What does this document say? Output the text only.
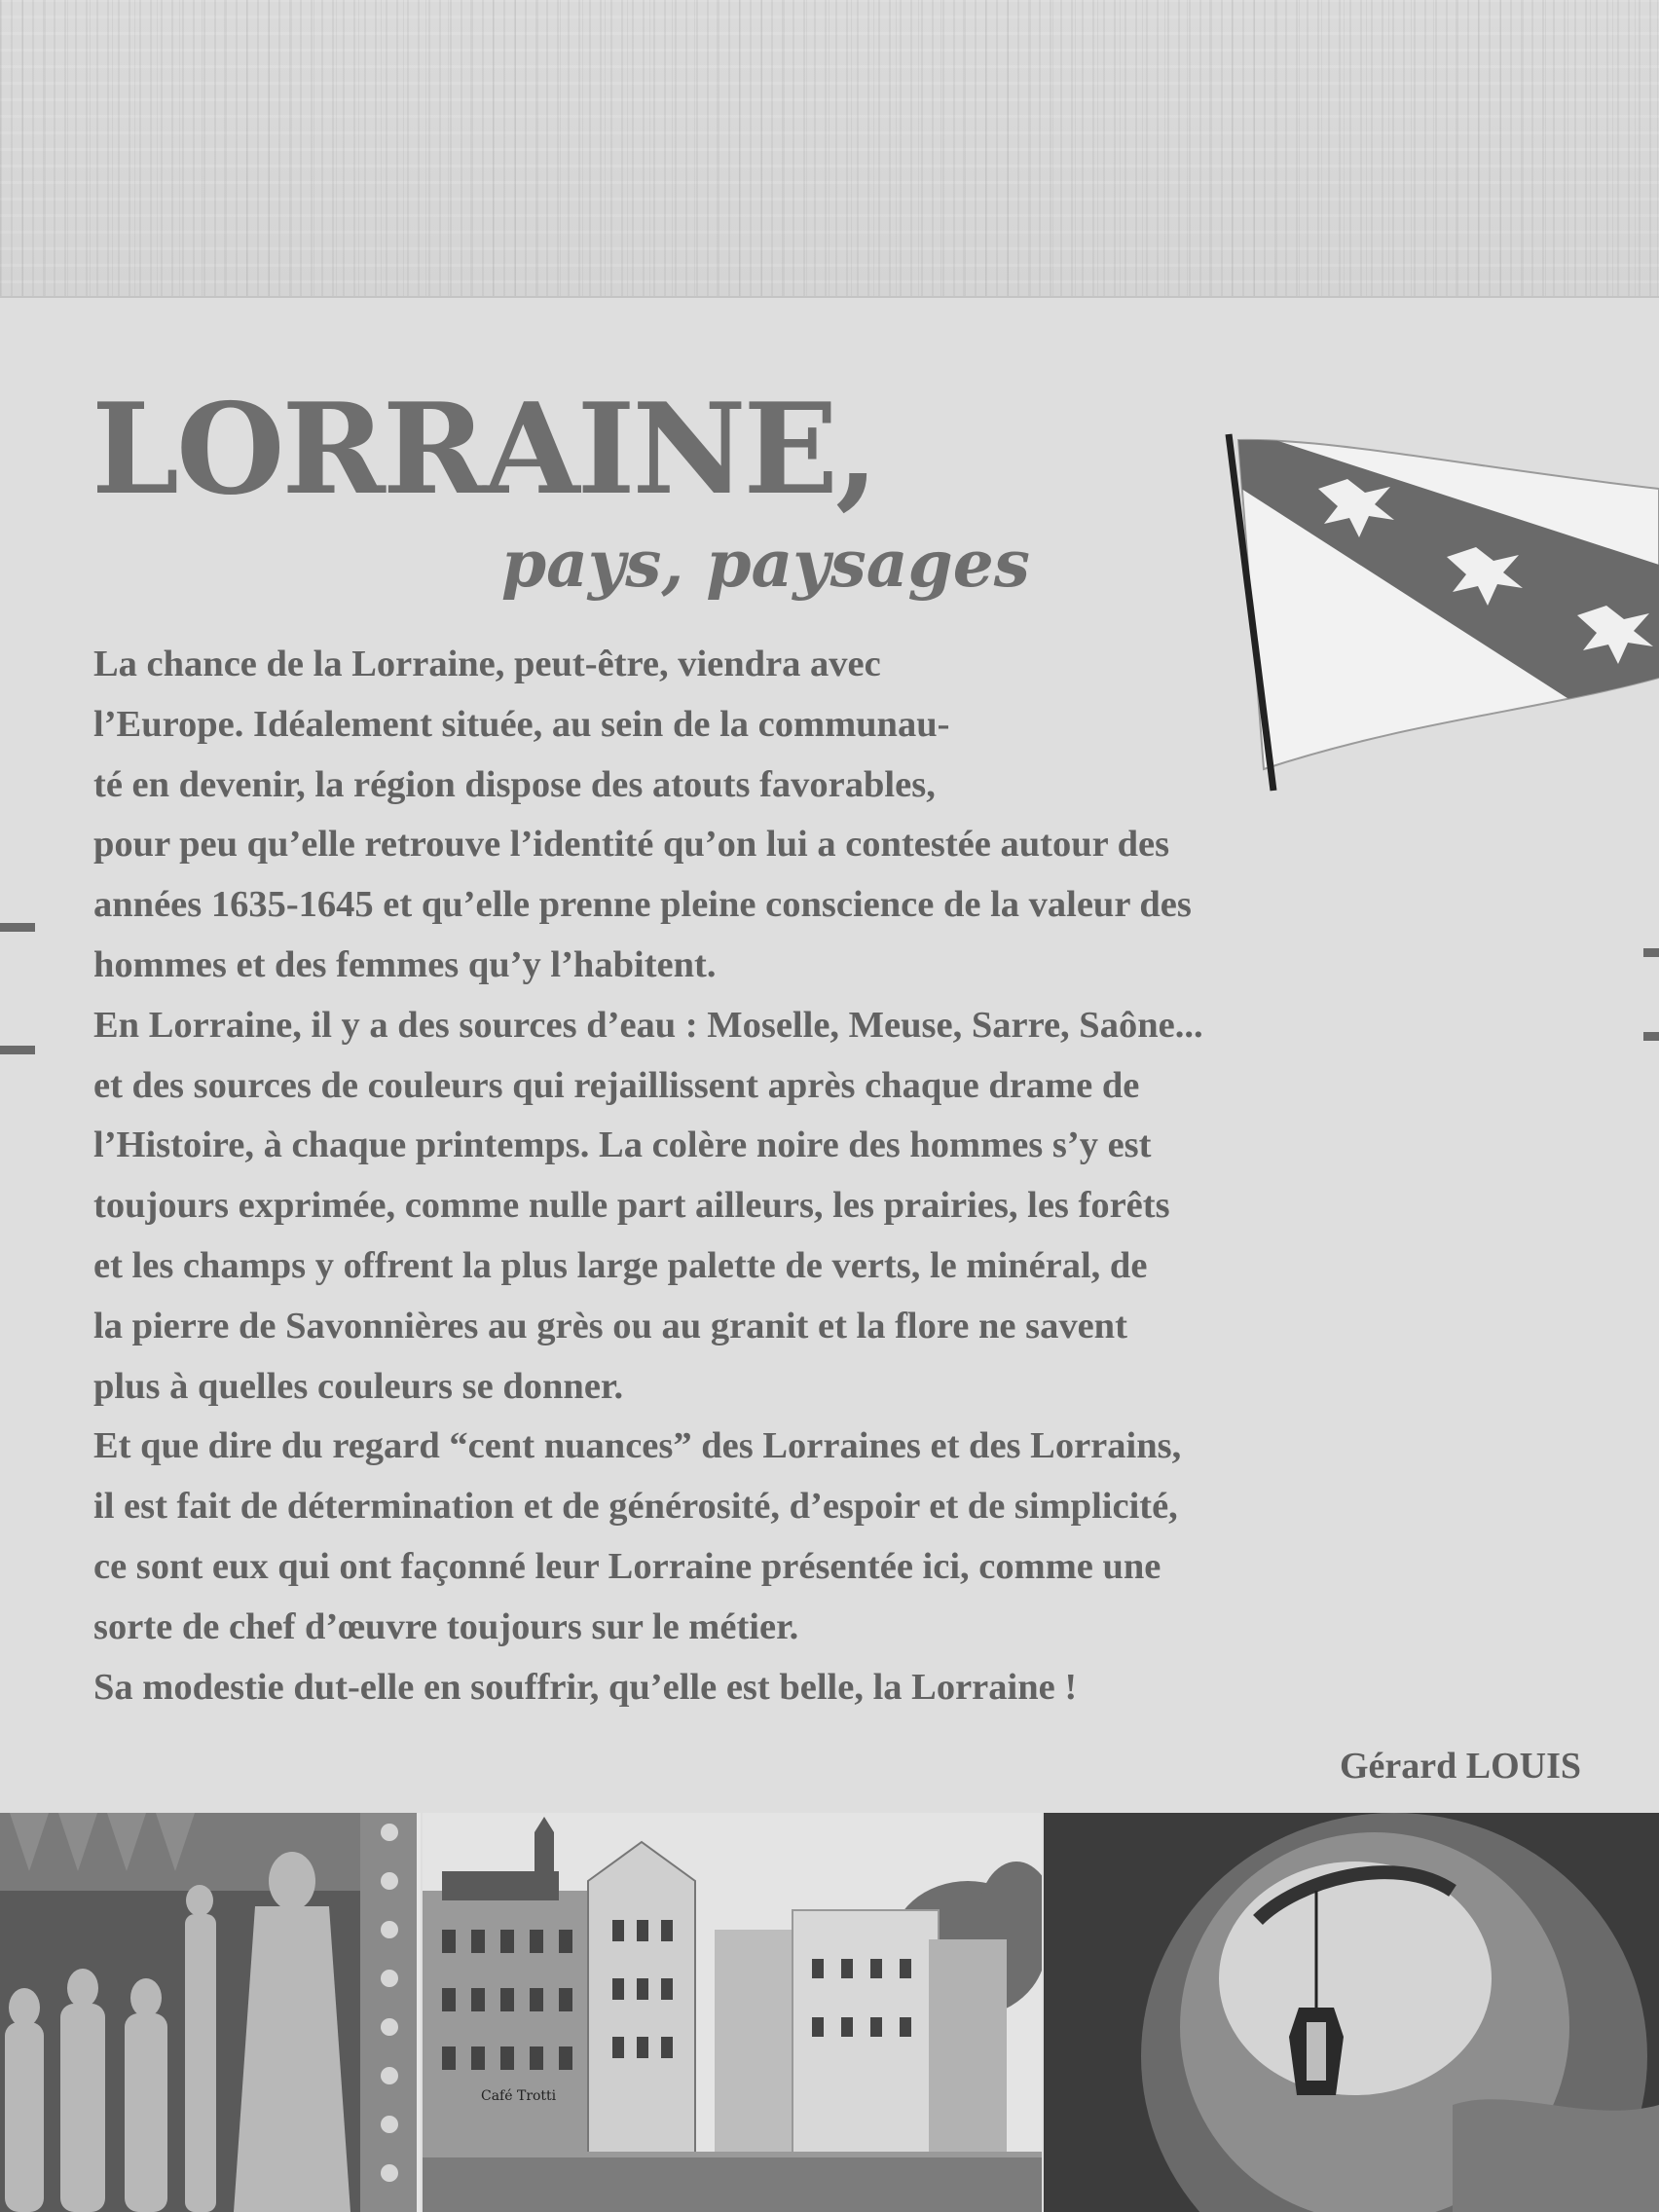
LORRAINE,
pays, paysages
La chance de la Lorraine, peut-être, viendra avec
l’Europe. Idéalement située, au sein de la communau-
té en devenir, la région dispose des atouts favorables,
pour peu qu’elle retrouve l’identité qu’on lui a contestée autour des
années 1635-1645 et qu’elle prenne pleine conscience de la valeur des
hommes et des femmes qu’y l’habitent.
En Lorraine, il y a des sources d’eau : Moselle, Meuse, Sarre, Saône...
et des sources de couleurs qui rejaillissent après chaque drame de
l’Histoire, à chaque printemps. La colère noire des hommes s’y est
toujours exprimée, comme nulle part ailleurs, les prairies, les forêts
et les champs y offrent la plus large palette de verts, le minéral, de
la pierre de Savonnières au grès ou au granit et la flore ne savent
plus à quelles couleurs se donner.
Et que dire du regard “cent nuances” des Lorraines et des Lorrains,
il est fait de détermination et de générosité, d’espoir et de simplicité,
ce sont eux qui ont façonné leur Lorraine présentée ici, comme une
sorte de chef d’œuvre toujours sur le métier.
Sa modestie dut-elle en souffrir, qu’elle est belle, la Lorraine !
Gérard LOUIS
Café Trotti
